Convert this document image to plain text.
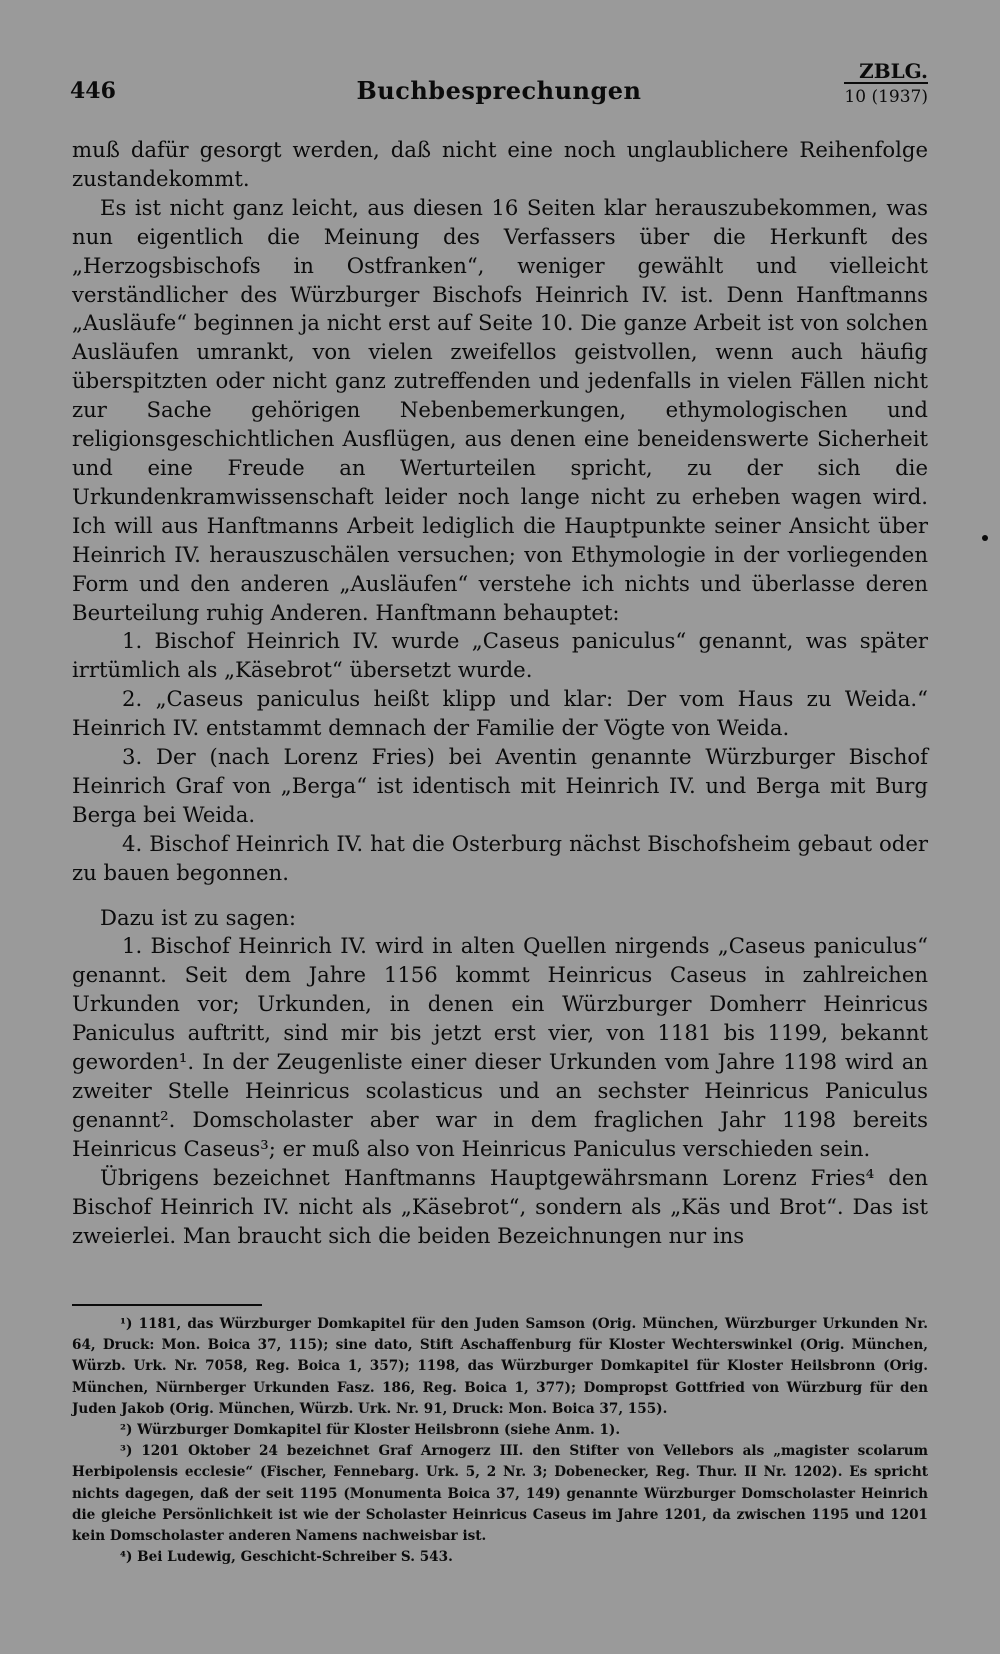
446	Buchbesprechungen
ZBLG.
10 (1937)

muß dafür gesorgt werden, daß nicht eine noch unglaublichere Reihenfolge zustandekommt.

Es ist nicht ganz leicht, aus diesen 16 Seiten klar herauszubekommen, was nun eigentlich die Meinung des Verfassers über die Herkunft des „Herzogsbischofs in Ostfranken“, weniger gewählt und vielleicht verständlicher des Würzburger Bischofs Heinrich IV. ist. Denn Hanftmanns „Ausläufe“ beginnen ja nicht erst auf Seite 10. Die ganze Arbeit ist von solchen Ausläufen umrankt, von vielen zweifellos geistvollen, wenn auch häufig überspitzten oder nicht ganz zutreffenden und jedenfalls in vielen Fällen nicht zur Sache gehörigen Nebenbemerkungen, ethymologischen und religionsgeschichtlichen Ausflügen, aus denen eine beneidenswerte Sicherheit und eine Freude an Werturteilen spricht, zu der sich die Urkundenkramwissenschaft leider noch lange nicht zu erheben wagen wird. Ich will aus Hanftmanns Arbeit lediglich die Hauptpunkte seiner Ansicht über Heinrich IV. herauszuschälen versuchen; von Ethymologie in der vorliegenden Form und den anderen „Ausläufen“ verstehe ich nichts und überlasse deren Beurteilung ruhig Anderen. Hanftmann behauptet:

1. Bischof Heinrich IV. wurde „Caseus paniculus“ genannt, was später irrtümlich als „Käsebrot“ übersetzt wurde.

2. „Caseus paniculus heißt klipp und klar: Der vom Haus zu Weida.“ Heinrich IV. entstammt demnach der Familie der Vögte von Weida.

3. Der (nach Lorenz Fries) bei Aventin genannte Würzburger Bischof Heinrich Graf von „Berga“ ist identisch mit Heinrich IV. und Berga mit Burg Berga bei Weida.

4. Bischof Heinrich IV. hat die Osterburg nächst Bischofsheim gebaut oder zu bauen begonnen.

Dazu ist zu sagen:

1. Bischof Heinrich IV. wird in alten Quellen nirgends „Caseus paniculus“ genannt. Seit dem Jahre 1156 kommt Heinricus Caseus in zahlreichen Urkunden vor; Urkunden, in denen ein Würzburger Domherr Heinricus Paniculus auftritt, sind mir bis jetzt erst vier, von 1181 bis 1199, bekannt geworden¹. In der Zeugenliste einer dieser Urkunden vom Jahre 1198 wird an zweiter Stelle Heinricus scolasticus und an sechster Heinricus Paniculus genannt². Domscholaster aber war in dem fraglichen Jahr 1198 bereits Heinricus Caseus³; er muß also von Heinricus Paniculus verschieden sein.

Übrigens bezeichnet Hanftmanns Hauptgewährsmann Lorenz Fries⁴ den Bischof Heinrich IV. nicht als „Käsebrot“, sondern als „Käs und Brot“. Das ist zweierlei. Man braucht sich die beiden Bezeichnungen nur ins

¹) 1181, das Würzburger Domkapitel für den Juden Samson (Orig. München, Würzburger Urkunden Nr. 64, Druck: Mon. Boica 37, 115); sine dato, Stift Aschaffenburg für Kloster Wechterswinkel (Orig. München, Würzb. Urk. Nr. 7058, Reg. Boica 1, 357); 1198, das Würzburger Domkapitel für Kloster Heilsbronn (Orig. München, Nürnberger Urkunden Fasz. 186, Reg. Boica 1, 377); Dompropst Gottfried von Würzburg für den Juden Jakob (Orig. München, Würzb. Urk. Nr. 91, Druck: Mon. Boica 37, 155).

²) Würzburger Domkapitel für Kloster Heilsbronn (siehe Anm. 1).

³) 1201 Oktober 24 bezeichnet Graf Arnogerz III. den Stifter von Vellebors als „magister scolarum Herbipolensis ecclesie“ (Fischer, Fennebarg. Urk. 5, 2 Nr. 3; Dobenecker, Reg. Thur. II Nr. 1202). Es spricht nichts dagegen, daß der seit 1195 (Monumenta Boica 37, 149) genannte Würzburger Domscholaster Heinrich die gleiche Persönlichkeit ist wie der Scholaster Heinricus Caseus im Jahre 1201, da zwischen 1195 und 1201 kein Domscholaster anderen Namens nachweisbar ist.

⁴) Bei Ludewig, Geschicht-Schreiber S. 543.
